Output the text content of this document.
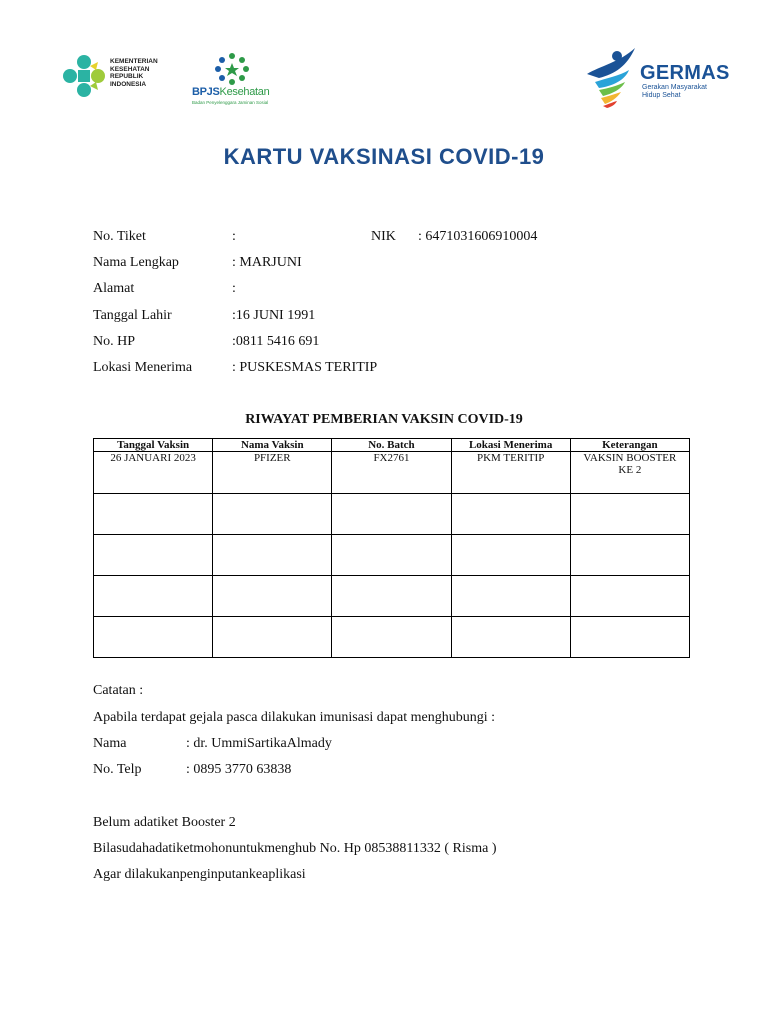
KEMENTERIAN
KESEHATAN
REPUBLIK
INDONESIA
BPJSKesehatan
Badan Penyelenggara Jaminan Sosial
GERMAS
Gerakan Masyarakat
Hidup Sehat
KARTU VAKSINASI COVID-19
No. Tiket	:	NIK : 6471031606910004
Nama Lengkap	: MARJUNI
Alamat	:
Tanggal Lahir	:16 JUNI 1991
No. HP	:0811 5416 691
Lokasi Menerima	: PUSKESMAS TERITIP
RIWAYAT PEMBERIAN VAKSIN COVID-19
Tanggal Vaksin	Nama Vaksin	No. Batch	Lokasi Menerima	Keterangan
26 JANUARI 2023	PFIZER	FX2761	PKM TERITIP	VAKSIN BOOSTER KE 2

Catatan :
Apabila terdapat gejala pasca dilakukan imunisasi dapat menghubungi :
Nama	: dr. UmmiSartikaAlmady
No. Telp	: 0895 3770 63838
Belum adatiket Booster 2
Bilasudahadatiketmohonuntukmenghub No. Hp 08538811332 ( Risma )
Agar dilakukanpenginputankeaplikasi
